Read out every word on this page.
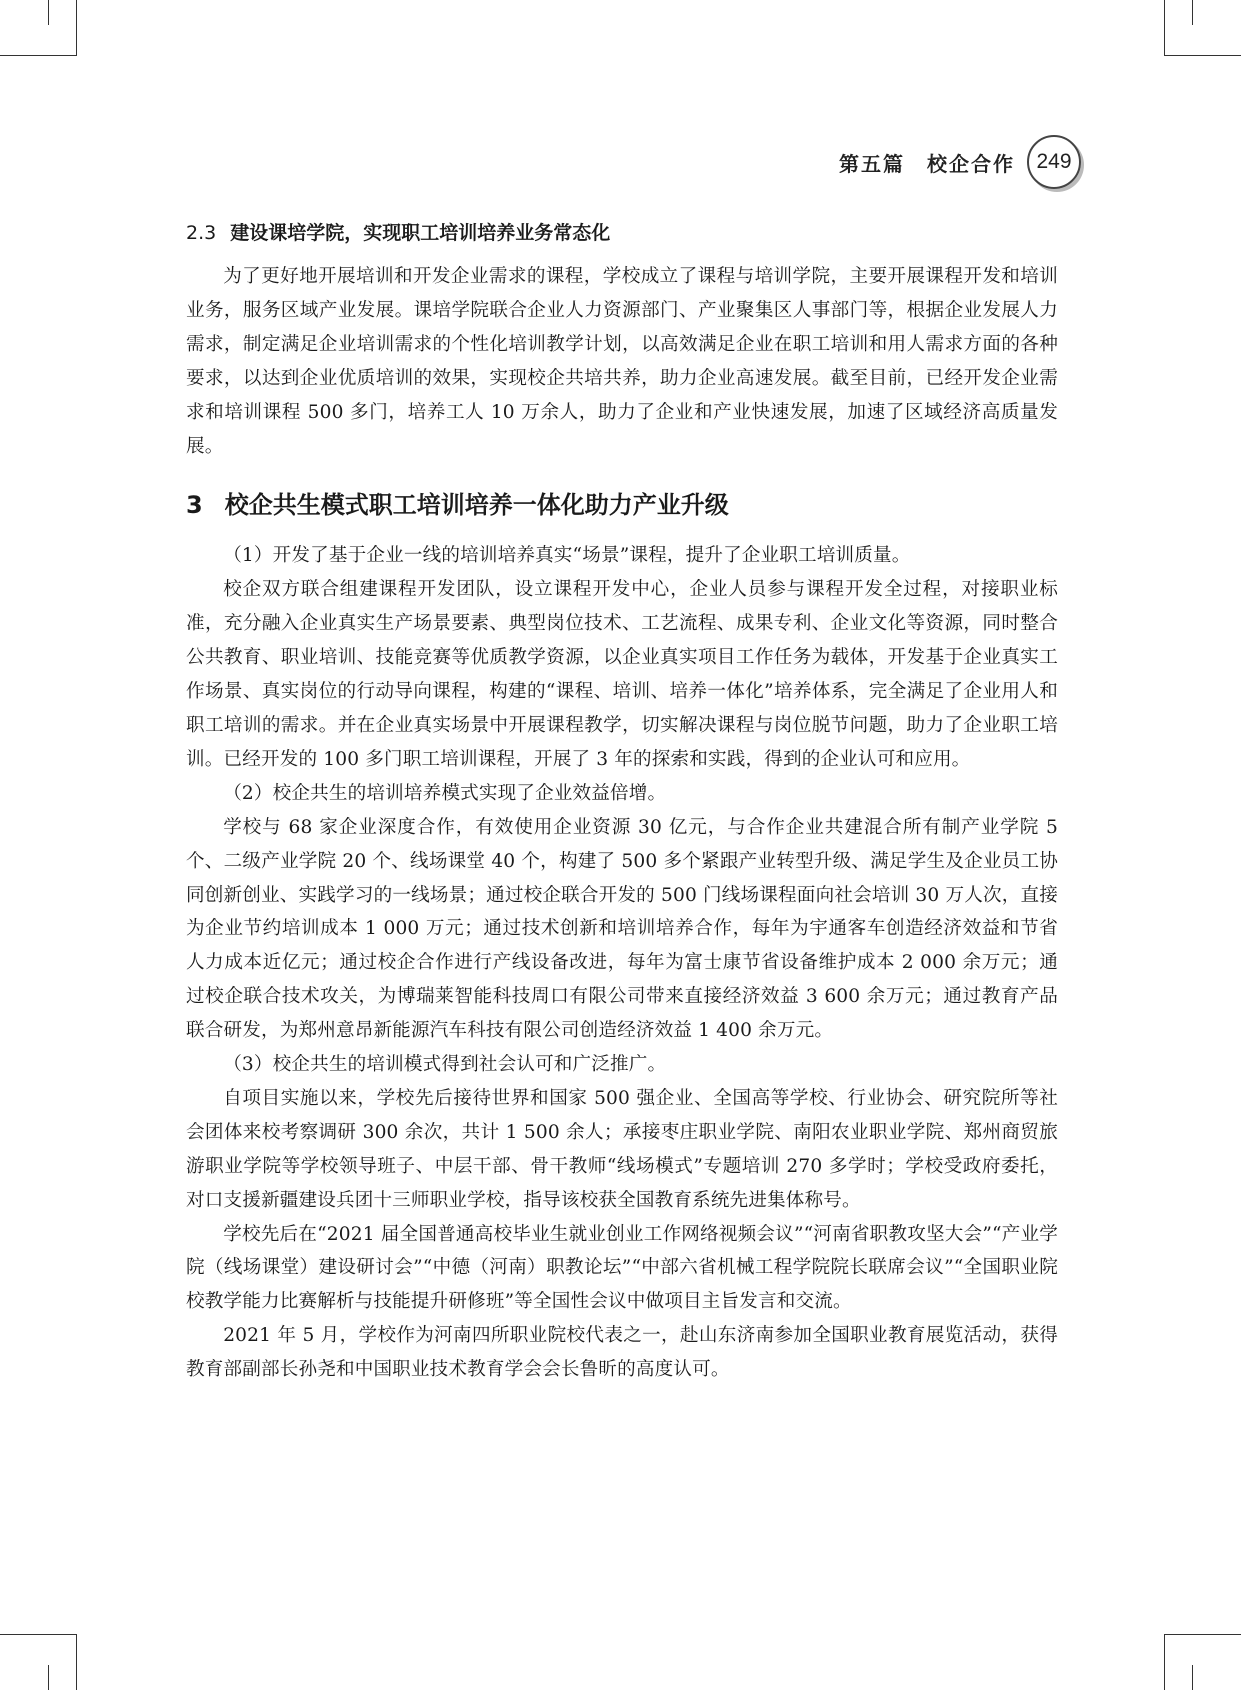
第五篇 校企合作	249
2.3 建设课培学院，实现职工培训培养业务常态化

为了更好地开展培训和开发企业需求的课程，学校成立了课程与培训学院，主要开展课程开发和培训业务，服务区域产业发展。课培学院联合企业人力资源部门、产业聚集区人事部门等，根据企业发展人力需求，制定满足企业培训需求的个性化培训教学计划，以高效满足企业在职工培训和用人需求方面的各种要求，以达到企业优质培训的效果，实现校企共培共养，助力企业高速发展。截至目前，已经开发企业需求和培训课程 500 多门，培养工人 10 万余人，助力了企业和产业快速发展，加速了区域经济高质量发展。

3 校企共生模式职工培训培养一体化助力产业升级

（1）开发了基于企业一线的培训培养真实“场景”课程，提升了企业职工培训质量。

校企双方联合组建课程开发团队，设立课程开发中心，企业人员参与课程开发全过程，对接职业标准，充分融入企业真实生产场景要素、典型岗位技术、工艺流程、成果专利、企业文化等资源，同时整合公共教育、职业培训、技能竞赛等优质教学资源，以企业真实项目工作任务为载体，开发基于企业真实工作场景、真实岗位的行动导向课程，构建的“课程、培训、培养一体化”培养体系，完全满足了企业用人和职工培训的需求。并在企业真实场景中开展课程教学，切实解决课程与岗位脱节问题，助力了企业职工培训。已经开发的 100 多门职工培训课程，开展了 3 年的探索和实践，得到的企业认可和应用。

（2）校企共生的培训培养模式实现了企业效益倍增。

学校与 68 家企业深度合作，有效使用企业资源 30 亿元，与合作企业共建混合所有制产业学院 5 个、二级产业学院 20 个、线场课堂 40 个，构建了 500 多个紧跟产业转型升级、满足学生及企业员工协同创新创业、实践学习的一线场景；通过校企联合开发的 500 门线场课程面向社会培训 30 万人次，直接为企业节约培训成本 1 000 万元；通过技术创新和培训培养合作，每年为宇通客车创造经济效益和节省人力成本近亿元；通过校企合作进行产线设备改进，每年为富士康节省设备维护成本 2 000 余万元；通过校企联合技术攻关，为博瑞莱智能科技周口有限公司带来直接经济效益 3 600 余万元；通过教育产品联合研发，为郑州意昂新能源汽车科技有限公司创造经济效益 1 400 余万元。

（3）校企共生的培训模式得到社会认可和广泛推广。

自项目实施以来，学校先后接待世界和国家 500 强企业、全国高等学校、行业协会、研究院所等社会团体来校考察调研 300 余次，共计 1 500 余人；承接枣庄职业学院、南阳农业职业学院、郑州商贸旅游职业学院等学校领导班子、中层干部、骨干教师“线场模式”专题培训 270 多学时；学校受政府委托，对口支援新疆建设兵团十三师职业学校，指导该校获全国教育系统先进集体称号。

学校先后在“2021 届全国普通高校毕业生就业创业工作网络视频会议”“河南省职教攻坚大会”“产业学院（线场课堂）建设研讨会”“中德（河南）职教论坛”“中部六省机械工程学院院长联席会议”“全国职业院校教学能力比赛解析与技能提升研修班”等全国性会议中做项目主旨发言和交流。

2021 年 5 月，学校作为河南四所职业院校代表之一，赴山东济南参加全国职业教育展览活动，获得教育部副部长孙尧和中国职业技术教育学会会长鲁昕的高度认可。
